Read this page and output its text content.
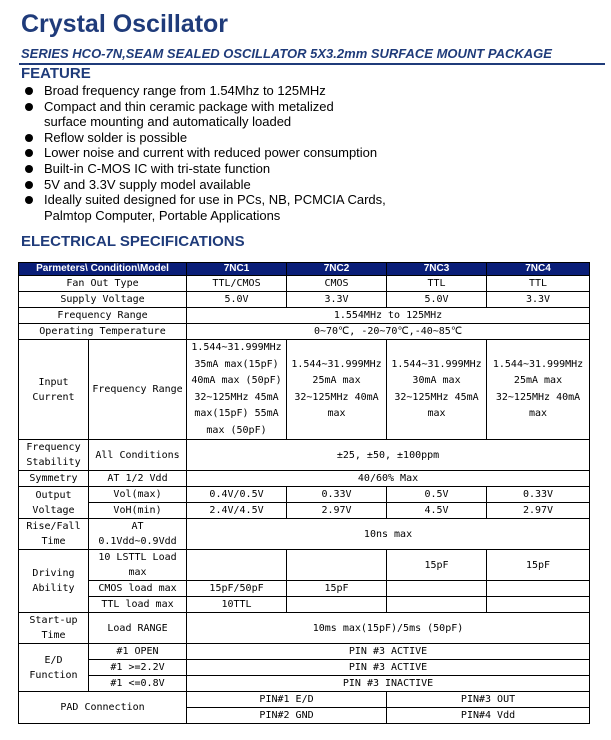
Crystal Oscillator

SERIES HCO-7N,SEAM SEALED OSCILLATOR 5X3.2mm SURFACE MOUNT PACKAGE

FEATURE
Broad frequency range from 1.54Mhz to 125MHz
Compact and thin ceramic package with metalized surface mounting and automatically loaded
Reflow solder is possible
Lower noise and current with reduced power consumption
Built-in C-MOS IC with tri-state function
5V and 3.3V supply model available
Ideally suited designed for use in PCs, NB, PCMCIA Cards, Palmtop Computer, Portable Applications
ELECTRICAL SPECIFICATIONS
Parmeters\ Condition\Model		7NC1	7NC2	7NC3	7NC4
Fan Out Type		TTL/CMOS	CMOS	TTL	TTL
Supply Voltage		5.0V	3.3V	5.0V	3.3V
Frequency Range		1.554MHz to 125MHz			
Operating Temperature		0~70℃, -20~70℃,-40~85℃			
Input Current	Frequency Range	1.544~31.999MHz 35mA max(15pF) 40mA max (50pF) 32~125MHz 45mA max(15pF) 55mA max (50pF)	1.544~31.999MHz 25mA max 32~125MHz 40mA max	1.544~31.999MHz 30mA max 32~125MHz 45mA max	1.544~31.999MHz 25mA max 32~125MHz 40mA max
Frequency Stability	All Conditions	±25, ±50, ±100ppm			
Symmetry	AT 1/2 Vdd	40/60% Max			
Output Voltage	Vol(max)	0.4V/0.5V	0.33V	0.5V	0.33V
	VoH(min)	2.4V/4.5V	2.97V	4.5V	2.97V
Rise/Fall Time	AT 0.1Vdd~0.9Vdd	10ns max			
Driving Ability	10 LSTTL Load max			15pF	15pF
	CMOS load max	15pF/50pF	15pF		
	TTL load max	10TTL			
Start-up Time	Load RANGE	10ms max(15pF)/5ms (50pF)			
E/D Function	#1 OPEN	PIN #3 ACTIVE			
	#1 >=2.2V	PIN #3 ACTIVE			
	#1 <=0.8V	PIN #3 INACTIVE			
PAD Connection		PIN#1 E/D		PIN#3 OUT	
		PIN#2 GND		PIN#4 Vdd	
